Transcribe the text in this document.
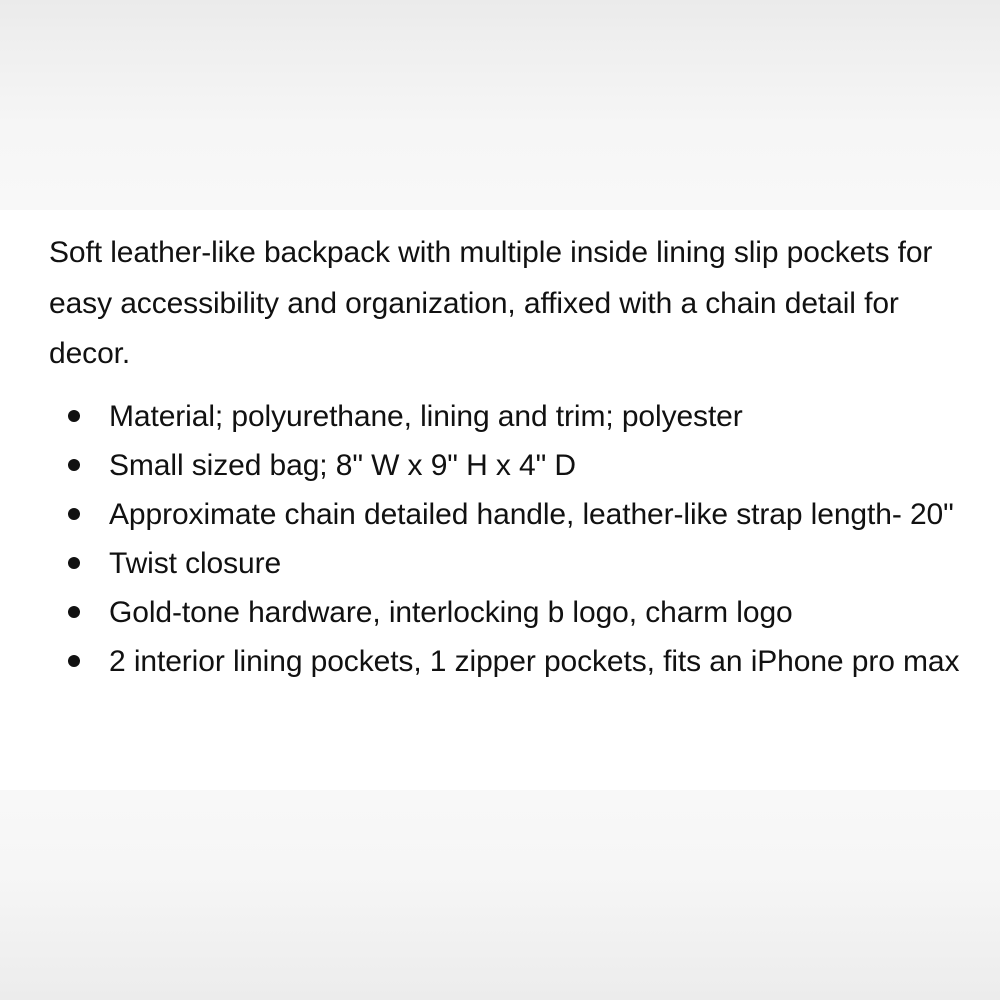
Soft leather-like backpack with multiple inside lining slip pockets for easy accessibility and organization, affixed with a chain detail for decor.

Material; polyurethane, lining and trim; polyester
Small sized bag; 8" W x 9" H x 4" D
Approximate chain detailed handle, leather-like strap length- 20"
Twist closure
Gold-tone hardware, interlocking b logo, charm logo
2 interior lining pockets, 1 zipper pockets, fits an iPhone pro max
